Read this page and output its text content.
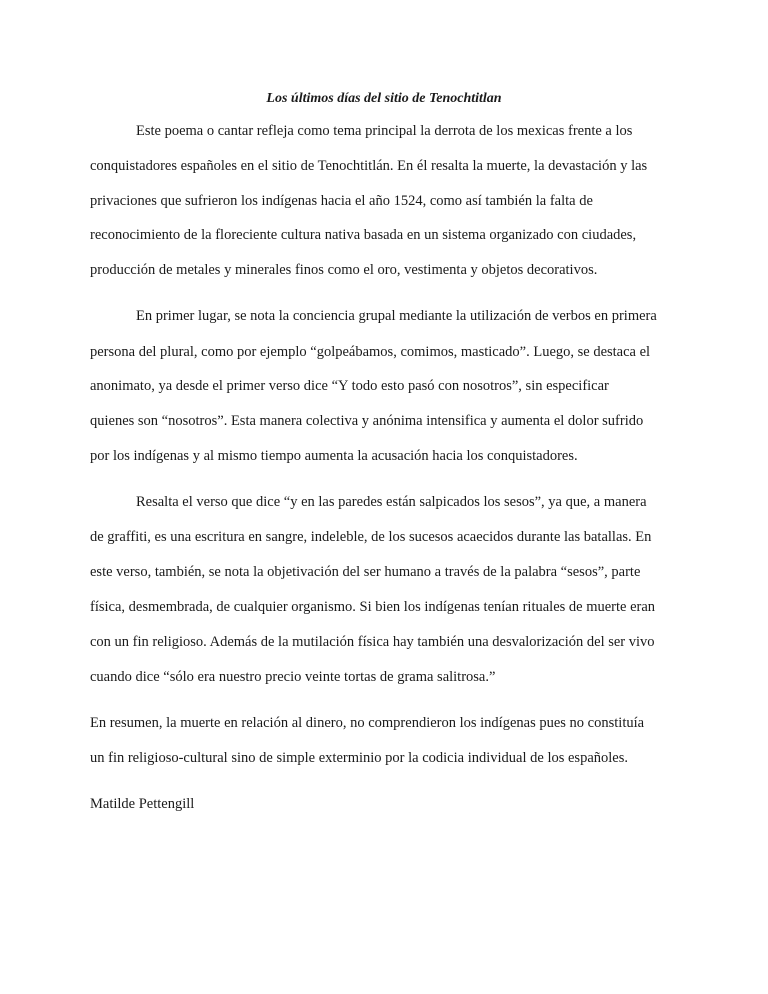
Los últimos días del sitio de Tenochtitlan
Este poema o cantar refleja como tema principal la derrota de los mexicas frente a los
conquistadores españoles en el sitio de Tenochtitlán. En él resalta la muerte, la devastación y las
privaciones que sufrieron los indígenas hacia el año 1524, como así también la falta de
reconocimiento de la floreciente cultura nativa basada en un sistema organizado con ciudades,
producción de metales y minerales finos como el oro, vestimenta y objetos decorativos.
En primer lugar, se nota la conciencia grupal mediante la utilización de verbos en primera
persona del plural, como por ejemplo “golpeábamos, comimos, masticado”. Luego, se destaca el
anonimato, ya desde el primer verso dice “Y todo esto pasó con nosotros”, sin especificar
quienes son “nosotros”. Esta manera colectiva y anónima intensifica y aumenta el dolor sufrido
por los indígenas y al mismo tiempo aumenta la acusación hacia los conquistadores.
Resalta el verso que dice “y en las paredes están salpicados los sesos”, ya que, a manera
de graffiti, es una escritura en sangre, indeleble, de los sucesos acaecidos durante las batallas. En
este verso, también, se nota la objetivación del ser humano a través de la palabra “sesos”, parte
física, desmembrada, de cualquier organismo. Si bien los indígenas tenían rituales de muerte eran
con un fin religioso. Además de la mutilación física hay también una desvalorización del ser vivo
cuando dice “sólo era nuestro precio veinte tortas de grama salitrosa.”
En resumen, la muerte en relación al dinero, no comprendieron los indígenas pues no constituía
un fin religioso-cultural sino de simple exterminio por la codicia individual de los españoles.
Matilde Pettengill
